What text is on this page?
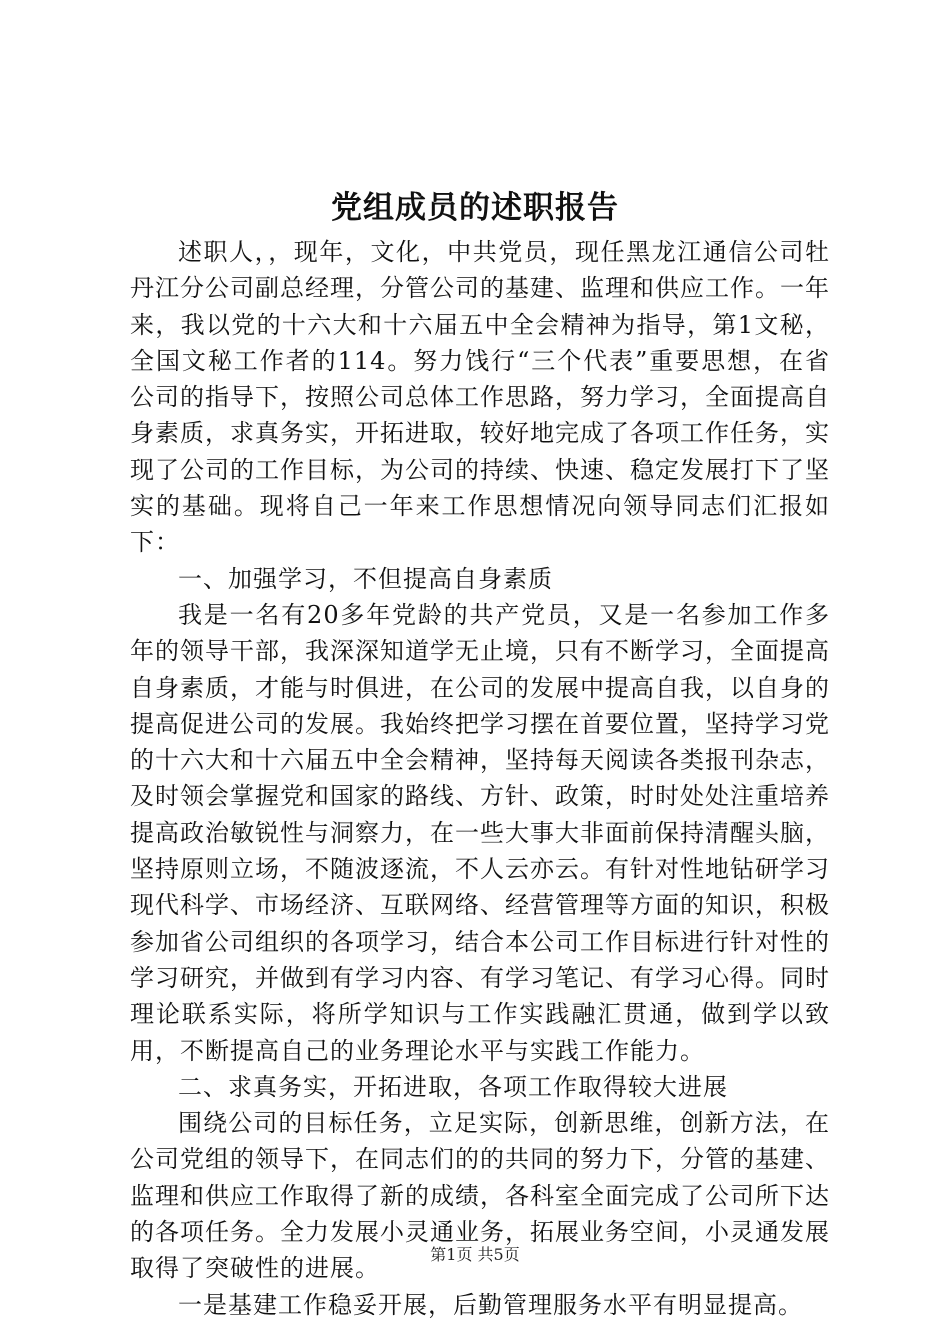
党组成员的述职报告

述职人，，现年，文化，中共党员，现任黑龙江通信公司牡丹江分公司副总经理，分管公司的基建、监理和供应工作。一年来，我以党的十六大和十六届五中全会精神为指导，第1文秘，全国文秘工作者的114。努力饯行“三个代表”重要思想，在省公司的指导下，按照公司总体工作思路，努力学习，全面提高自身素质，求真务实，开拓进取，较好地完成了各项工作任务，实现了公司的工作目标，为公司的持续、快速、稳定发展打下了坚实的基础。现将自己一年来工作思想情况向领导同志们汇报如下：

一、加强学习，不但提高自身素质

我是一名有20多年党龄的共产党员，又是一名参加工作多年的领导干部，我深深知道学无止境，只有不断学习，全面提高自身素质，才能与时俱进，在公司的发展中提高自我，以自身的提高促进公司的发展。我始终把学习摆在首要位置，坚持学习党的十六大和十六届五中全会精神，坚持每天阅读各类报刊杂志，及时领会掌握党和国家的路线、方针、政策，时时处处注重培养提高政治敏锐性与洞察力，在一些大事大非面前保持清醒头脑，坚持原则立场，不随波逐流，不人云亦云。有针对性地钻研学习现代科学、市场经济、互联网络、经营管理等方面的知识，积极参加省公司组织的各项学习，结合本公司工作目标进行针对性的学习研究，并做到有学习内容、有学习笔记、有学习心得。同时理论联系实际，将所学知识与工作实践融汇贯通，做到学以致用，不断提高自己的业务理论水平与实践工作能力。

二、求真务实，开拓进取，各项工作取得较大进展

围绕公司的目标任务，立足实际，创新思维，创新方法，在公司党组的领导下，在同志们的的共同的努力下，分管的基建、监理和供应工作取得了新的成绩，各科室全面完成了公司所下达的各项任务。全力发展小灵通业务，拓展业务空间，小灵通发展取得了突破性的进展。

一是基建工作稳妥开展，后勤管理服务水平有明显提高。

第1页 共5页
